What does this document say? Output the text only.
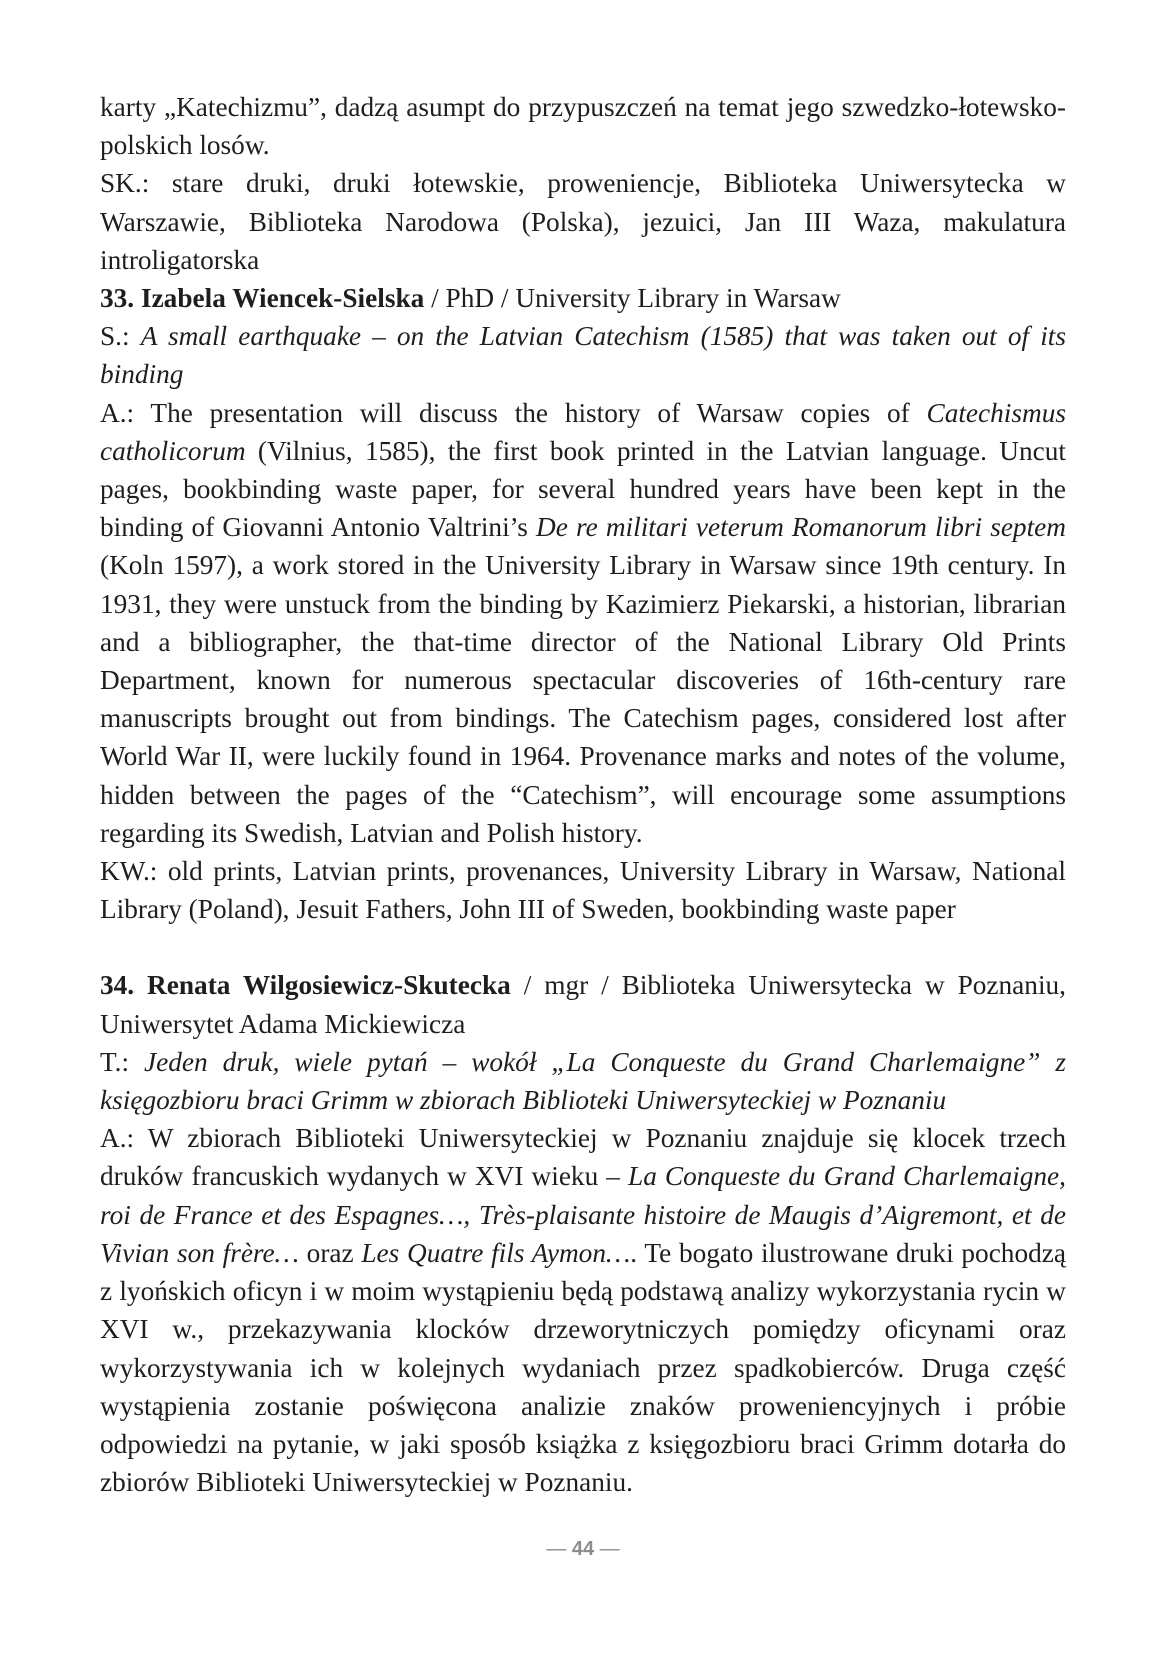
karty „Katechizmu”, dadzą asumpt do przypuszczeń na temat jego szwedzko-łotewsko-polskich losów.

SK.: stare druki, druki łotewskie, proweniencje, Biblioteka Uniwersytecka w Warszawie, Biblioteka Narodowa (Polska), jezuici, Jan III Waza, makulatura introligatorska

33. Izabela Wiencek-Sielska / PhD / University Library in Warsaw

S.: A small earthquake – on the Latvian Catechism (1585) that was taken out of its binding

A.: The presentation will discuss the history of Warsaw copies of Catechismus catholicorum (Vilnius, 1585), the first book printed in the Latvian language. Uncut pages, bookbinding waste paper, for several hundred years have been kept in the binding of Giovanni Antonio Valtrini’s De re militari veterum Romanorum libri septem (Koln 1597), a work stored in the University Library in Warsaw since 19th century. In 1931, they were unstuck from the binding by Kazimierz Piekarski, a historian, librarian and a bibliographer, the that-time director of the National Library Old Prints Department, known for numerous spectacular discoveries of 16th-century rare manuscripts brought out from bindings. The Catechism pages, considered lost after World War II, were luckily found in 1964. Provenance marks and notes of the volume, hidden between the pages of the “Catechism”, will encourage some assumptions regarding its Swedish, Latvian and Polish history.

KW.: old prints, Latvian prints, provenances, University Library in Warsaw, National Library (Poland), Jesuit Fathers, John III of Sweden, bookbinding waste paper

34. Renata Wilgosiewicz-Skutecka / mgr / Biblioteka Uniwersytecka w Poznaniu, Uniwersytet Adama Mickiewicza

T.: Jeden druk, wiele pytań – wokół „La Conqueste du Grand Charlemaigne” z księgozbioru braci Grimm w zbiorach Biblioteki Uniwersyteckiej w Poznaniu

A.: W zbiorach Biblioteki Uniwersyteckiej w Poznaniu znajduje się klocek trzech druków francuskich wydanych w XVI wieku – La Conqueste du Grand Charlemaigne, roi de France et des Espagnes…, Très-plaisante histoire de Maugis d’Aigremont, et de Vivian son frère… oraz Les Quatre fils Aymon…. Te bogato ilustrowane druki pochodzą z lyońskich oficyn i w moim wystąpieniu będą podstawą analizy wykorzystania rycin w XVI w., przekazywania klocków drzeworytniczych pomiędzy oficynami oraz wykorzystywania ich w kolejnych wydaniach przez spadkobierców. Druga część wystąpienia zostanie poświęcona analizie znaków proweniencyjnych i próbie odpowiedzi na pytanie, w jaki sposób książka z księgozbioru braci Grimm dotarła do zbiorów Biblioteki Uniwersyteckiej w Poznaniu.

— 44 —
